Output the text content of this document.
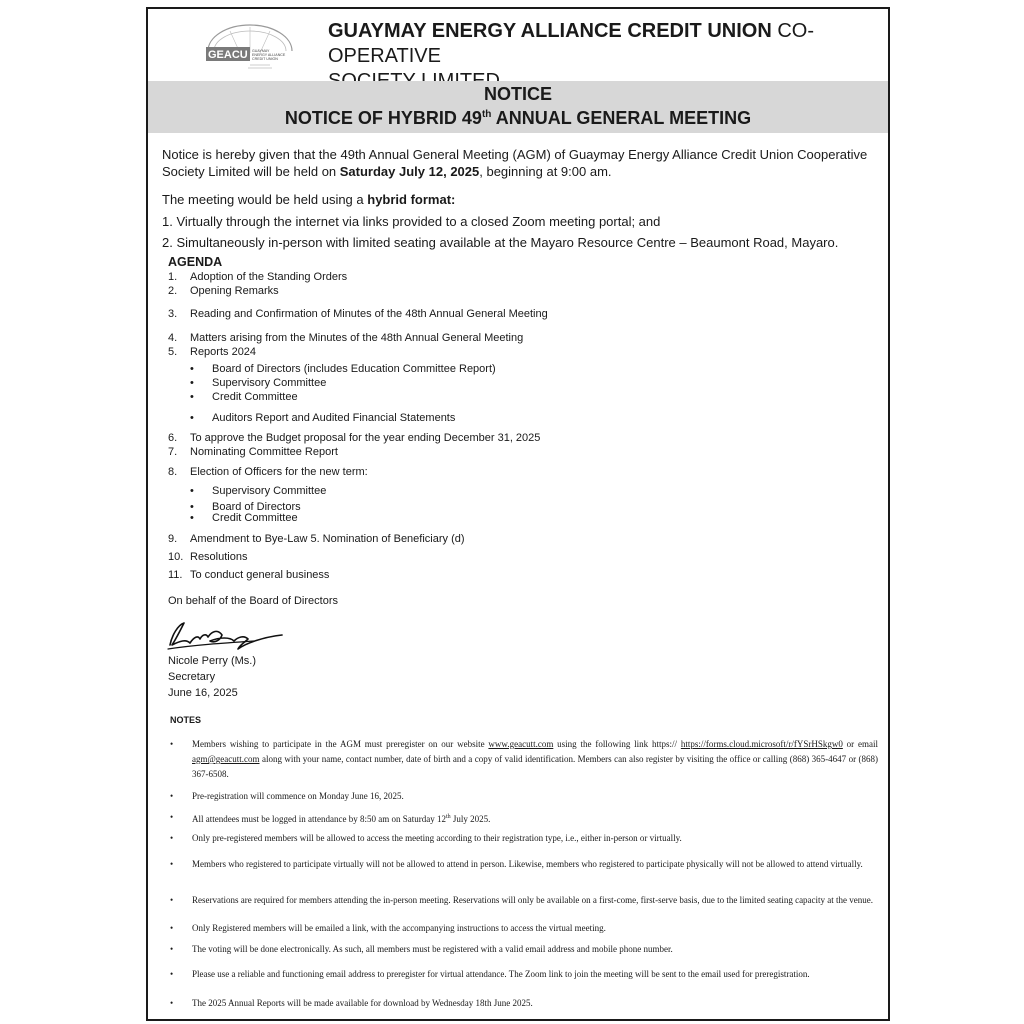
GEACU GUAYMAY
ENERGY ALLIANCE
CREDIT UNION
GUAYMAY ENERGY ALLIANCE CREDIT UNION CO-OPERATIVE

NOTICE
NOTICE OF HYBRID 49th ANNUAL GENERAL MEETING

Notice is hereby given that the 49th Annual General Meeting (AGM) of Guaymay Energy Alliance Credit Union Cooperative Society Limited will be held on Saturday July 12, 2025, beginning at 9:00 am.

The meeting would be held using a hybrid format:

1. Virtually through the internet via links provided to a closed Zoom meeting portal; and

2. Simultaneously in-person with limited seating available at the Mayaro Resource Centre – Beaumont Road, Mayaro.

AGENDA
1. Adoption of the Standing Orders
2. Opening Remarks
3. Reading and Confirmation of Minutes of the 48th Annual General Meeting
4. Matters arising from the Minutes of the 48th Annual General Meeting
5. Reports 2024
• Board of Directors (includes Education Committee Report)
• Supervisory Committee
• Credit Committee
• Auditors Report and Audited Financial Statements
6. To approve the Budget proposal for the year ending December 31, 2025
7. Nominating Committee Report
8. Election of Officers for the new term:
• Supervisory Committee
• Board of Directors
• Credit Committee
9. Amendment to Bye-Law 5. Nomination of Beneficiary (d)
10. Resolutions
11. To conduct general business
On behalf of the Board of Directors
Nicole Perry (Ms.)
Secretary
June 16, 2025
NOTES
• Members wishing to participate in the AGM must preregister on our website www.geacutt.com using the following link https:// https://forms.cloud.microsoft/r/fYSrHSkgw0 or email agm@geacutt.com along with your name, contact number, date of birth and a copy of valid identification. Members can also register by visiting the office or calling (868) 365-4647 or (868) 367-6508.
• Pre-registration will commence on Monday June 16, 2025.
• All attendees must be logged in attendance by 8:50 am on Saturday 12th July 2025.
• Only pre-registered members will be allowed to access the meeting according to their registration type, i.e., either in-person or virtually.
• Members who registered to participate virtually will not be allowed to attend in person. Likewise, members who registered to participate physically will not be allowed to attend virtually.
• Reservations are required for members attending the in-person meeting. Reservations will only be available on a first-come, first-serve basis, due to the limited seating capacity at the venue.
• Only Registered members will be emailed a link, with the accompanying instructions to access the virtual meeting.
• The voting will be done electronically. As such, all members must be registered with a valid email address and mobile phone number.
• Please use a reliable and functioning email address to preregister for virtual attendance. The Zoom link to join the meeting will be sent to the email used for preregistration.
• The 2025 Annual Reports will be made available for download by Wednesday 18th June 2025.
